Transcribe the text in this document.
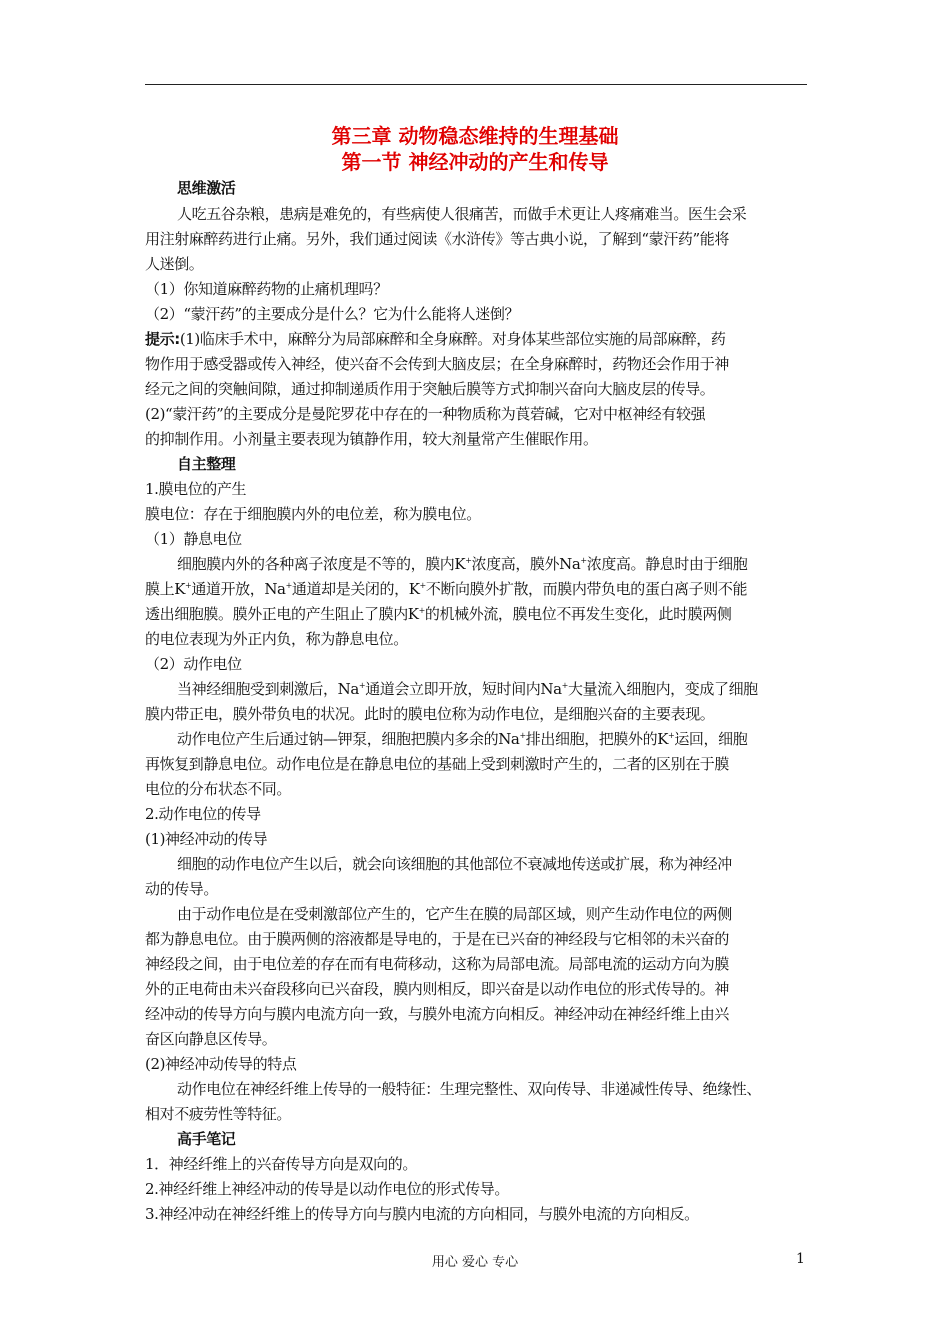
第三章 动物稳态维持的生理基础
第一节 神经冲动的产生和传导
思维激活
人吃五谷杂粮，患病是难免的，有些病使人很痛苦，而做手术更让人疼痛难当。医生会采
用注射麻醉药进行止痛。另外，我们通过阅读《水浒传》等古典小说，了解到“蒙汗药”能将
人迷倒。
（1）你知道麻醉药物的止痛机理吗？
（2）“蒙汗药”的主要成分是什么？它为什么能将人迷倒？
提示:(1)临床手术中，麻醉分为局部麻醉和全身麻醉。对身体某些部位实施的局部麻醉，药
物作用于感受器或传入神经，使兴奋不会传到大脑皮层；在全身麻醉时，药物还会作用于神
经元之间的突触间隙，通过抑制递质作用于突触后膜等方式抑制兴奋向大脑皮层的传导。
(2)“蒙汗药”的主要成分是曼陀罗花中存在的一种物质称为莨菪碱，它对中枢神经有较强
的抑制作用。小剂量主要表现为镇静作用，较大剂量常产生催眠作用。
自主整理
1.膜电位的产生
膜电位：存在于细胞膜内外的电位差，称为膜电位。
（1）静息电位
细胞膜内外的各种离子浓度是不等的，膜内K+浓度高，膜外Na+浓度高。静息时由于细胞
膜上K+通道开放，Na+通道却是关闭的，K+不断向膜外扩散，而膜内带负电的蛋白离子则不能
透出细胞膜。膜外正电的产生阻止了膜内K+的机械外流，膜电位不再发生变化，此时膜两侧
的电位表现为外正内负，称为静息电位。
（2）动作电位
当神经细胞受到刺激后，Na+通道会立即开放，短时间内Na+大量流入细胞内，变成了细胞
膜内带正电，膜外带负电的状况。此时的膜电位称为动作电位，是细胞兴奋的主要表现。
动作电位产生后通过钠—钾泵，细胞把膜内多余的Na+排出细胞，把膜外的K+运回，细胞
再恢复到静息电位。动作电位是在静息电位的基础上受到刺激时产生的，二者的区别在于膜
电位的分布状态不同。
2.动作电位的传导
(1)神经冲动的传导
细胞的动作电位产生以后，就会向该细胞的其他部位不衰减地传送或扩展，称为神经冲
动的传导。
由于动作电位是在受刺激部位产生的，它产生在膜的局部区域，则产生动作电位的两侧
都为静息电位。由于膜两侧的溶液都是导电的，于是在已兴奋的神经段与它相邻的未兴奋的
神经段之间，由于电位差的存在而有电荷移动，这称为局部电流。局部电流的运动方向为膜
外的正电荷由未兴奋段移向已兴奋段，膜内则相反，即兴奋是以动作电位的形式传导的。神
经冲动的传导方向与膜内电流方向一致，与膜外电流方向相反。神经冲动在神经纤维上由兴
奋区向静息区传导。
(2)神经冲动传导的特点
动作电位在神经纤维上传导的一般特征：生理完整性、双向传导、非递减性传导、绝缘性、
相对不疲劳性等特征。
高手笔记
1．神经纤维上的兴奋传导方向是双向的。
2.神经纤维上神经冲动的传导是以动作电位的形式传导。
3.神经冲动在神经纤维上的传导方向与膜内电流的方向相同，与膜外电流的方向相反。
用心 爱心 专心	1
